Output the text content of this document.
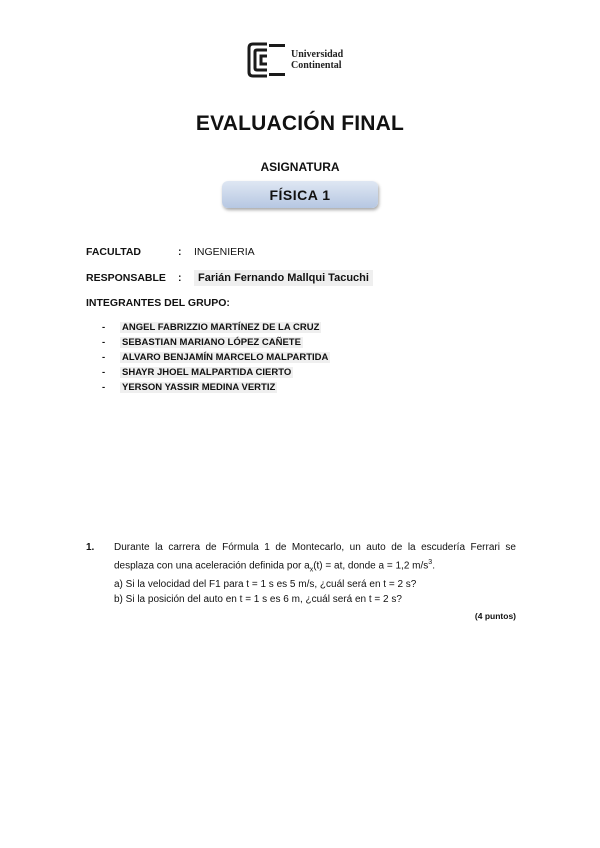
Universidad
Continental
EVALUACIÓN FINAL
ASIGNATURA
FÍSICA 1
FACULTAD	:	INGENIERIA
RESPONSABLE	:	Farián Fernando Mallqui Tacuchi
INTEGRANTES DEL GRUPO:
-	ANGEL FABRIZZIO MARTÍNEZ DE LA CRUZ
-	SEBASTIAN MARIANO LÓPEZ CAÑETE
-	ALVARO BENJAMÍN MARCELO MALPARTIDA
-	SHAYR JHOEL MALPARTIDA CIERTO
-	YERSON YASSIR MEDINA VERTIZ
1. Durante la carrera de Fórmula 1 de Montecarlo, un auto de la escudería Ferrari se desplaza con una aceleración definida por $a_x(t)$ = at, donde a = 1,2 $m/s^3$.
a) Si la velocidad del F1 para t = 1 s es 5 m/s, ¿cuál será en t = 2 s?
b) Si la posición del auto en t = 1 s es 6 m, ¿cuál será en t = 2 s?
(4 puntos)
